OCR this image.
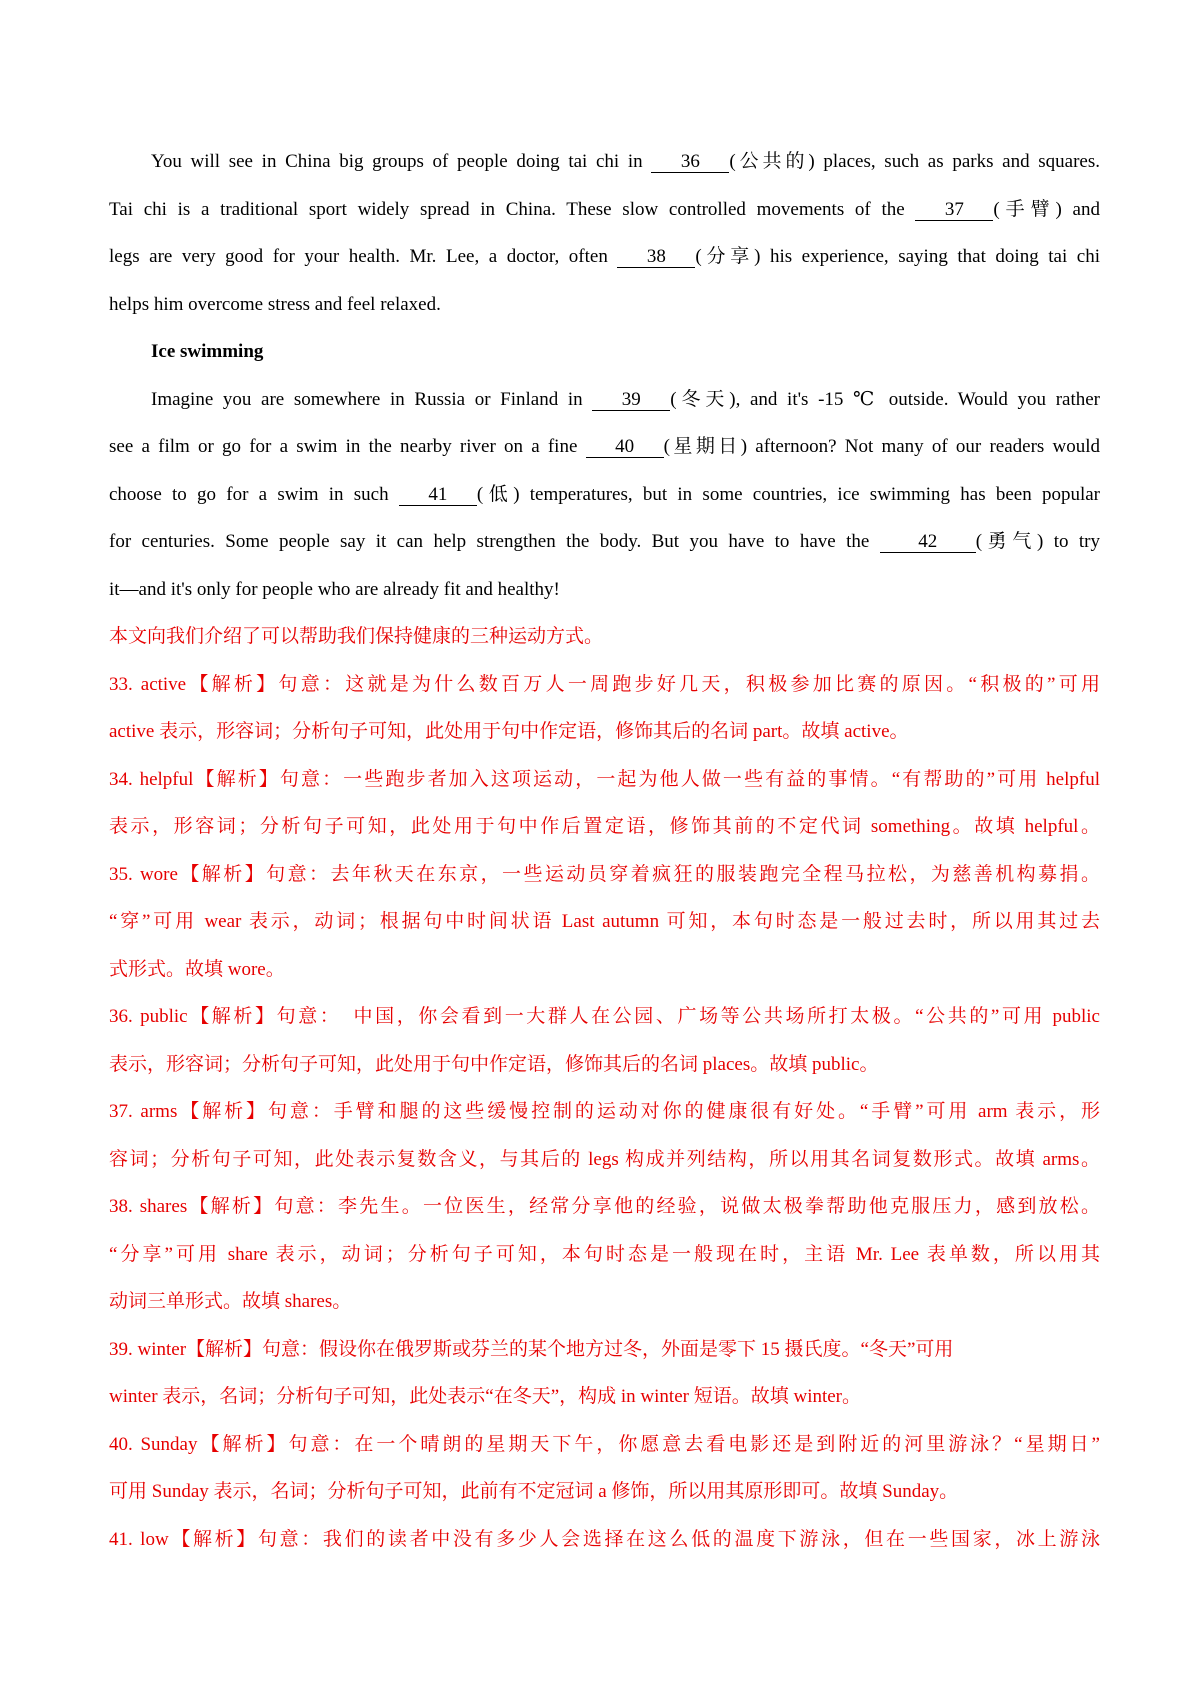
You will see in China big groups of people doing tai chi in 36 (公共的) places, such as parks and squares.
Tai chi is a traditional sport widely spread in China. These slow controlled movements of the 37 (手臂) and
legs are very good for your health. Mr. Lee, a doctor, often 38 (分享) his experience, saying that doing tai chi
helps him overcome stress and feel relaxed.
Ice swimming
Imagine you are somewhere in Russia or Finland in 39 (冬天), and it's -15 ℃ outside. Would you rather
see a film or go for a swim in the nearby river on a fine 40 (星期日) afternoon? Not many of our readers would
choose to go for a swim in such 41 (低) temperatures, but in some countries, ice swimming has been popular
for centuries. Some people say it can help strengthen the body. But you have to have the 42 (勇气) to try
it—and it's only for people who are already fit and healthy!
本文向我们介绍了可以帮助我们保持健康的三种运动方式。
33. active【解析】句意：这就是为什么数百万人一周跑步好几天，积极参加比赛的原因。“积极的”可用
active 表示，形容词；分析句子可知，此处用于句中作定语，修饰其后的名词 part。故填 active。
34. helpful【解析】句意：一些跑步者加入这项运动，一起为他人做一些有益的事情。“有帮助的”可用 helpful
表示，形容词；分析句子可知，此处用于句中作后置定语，修饰其前的不定代词 something。故填 helpful。
35. wore【解析】句意：去年秋天在东京，一些运动员穿着疯狂的服装跑完全程马拉松，为慈善机构募捐。
“穿”可用 wear 表示，动词；根据句中时间状语 Last autumn 可知，本句时态是一般过去时，所以用其过去
式形式。故填 wore。
36. public【解析】句意：　中国，你会看到一大群人在公园、广场等公共场所打太极。“公共的”可用 public
表示，形容词；分析句子可知，此处用于句中作定语，修饰其后的名词 places。故填 public。
37. arms【解析】句意：手臂和腿的这些缓慢控制的运动对你的健康很有好处。“手臂”可用 arm 表示，形
容词；分析句子可知，此处表示复数含义，与其后的 legs 构成并列结构，所以用其名词复数形式。故填 arms。
38. shares【解析】句意：李先生。一位医生，经常分享他的经验，说做太极拳帮助他克服压力，感到放松。
“分享”可用 share 表示，动词；分析句子可知，本句时态是一般现在时，主语 Mr. Lee 表单数，所以用其
动词三单形式。故填 shares。
39. winter【解析】句意：假设你在俄罗斯或芬兰的某个地方过冬，外面是零下 15 摄氏度。“冬天”可用
winter 表示，名词；分析句子可知，此处表示“在冬天”，构成 in winter 短语。故填 winter。
40. Sunday【解析】句意：在一个晴朗的星期天下午，你愿意去看电影还是到附近的河里游泳？“星期日”
可用 Sunday 表示，名词；分析句子可知，此前有不定冠词 a 修饰，所以用其原形即可。故填 Sunday。
41. low【解析】句意：我们的读者中没有多少人会选择在这么低的温度下游泳，但在一些国家，冰上游泳
